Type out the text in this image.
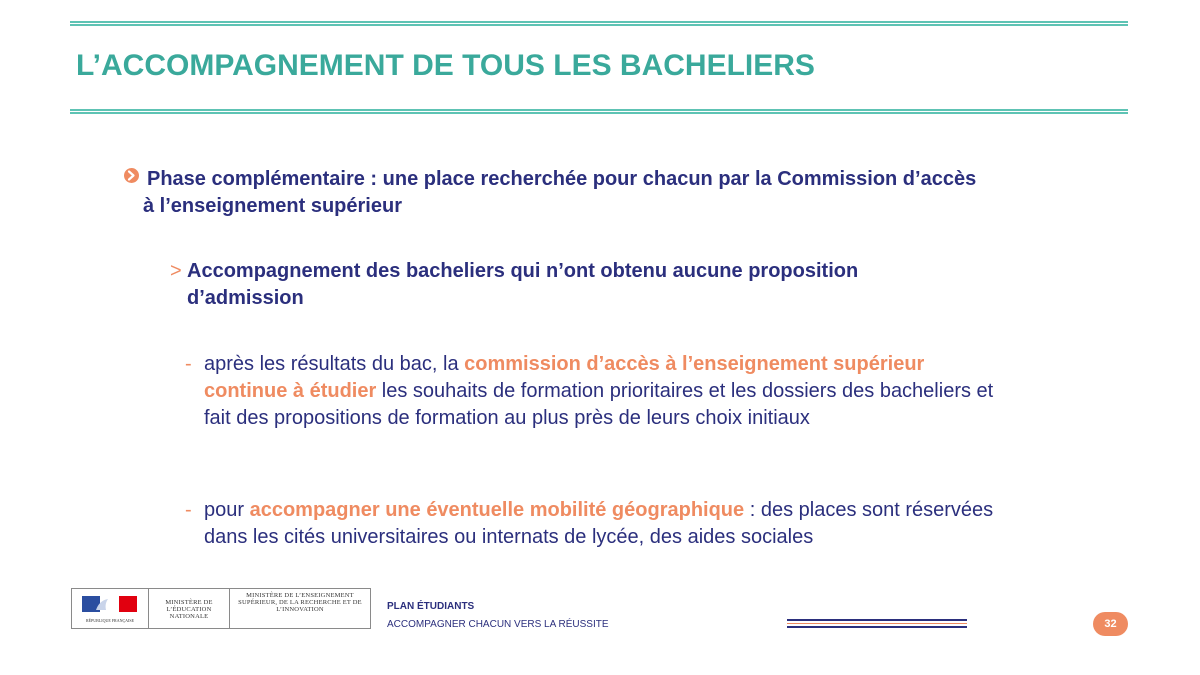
L’ACCOMPAGNEMENT DE TOUS LES BACHELIERS
Phase complémentaire : une place recherchée pour chacun par la Commission d’accès à l’enseignement supérieur
> Accompagnement des bacheliers qui n’ont obtenu aucune proposition d’admission
- après les résultats du bac, la commission d’accès à l’enseignement supérieur continue à étudier les souhaits de formation prioritaires et les dossiers des bacheliers et fait des propositions de formation au plus près de leurs choix initiaux
- pour accompagner une éventuelle mobilité géographique : des places sont réservées dans les cités universitaires ou internats de lycée, des aides sociales
RÉPUBLIQUE FRANÇAISE
MINISTÈRE DE L’ÉDUCATION NATIONALE
MINISTÈRE DE L’ENSEIGNEMENT SUPÉRIEUR, DE LA RECHERCHE ET DE L’INNOVATION	PLAN ÉTUDIANTS
ACCOMPAGNER CHACUN VERS LA RÉUSSITE	32
